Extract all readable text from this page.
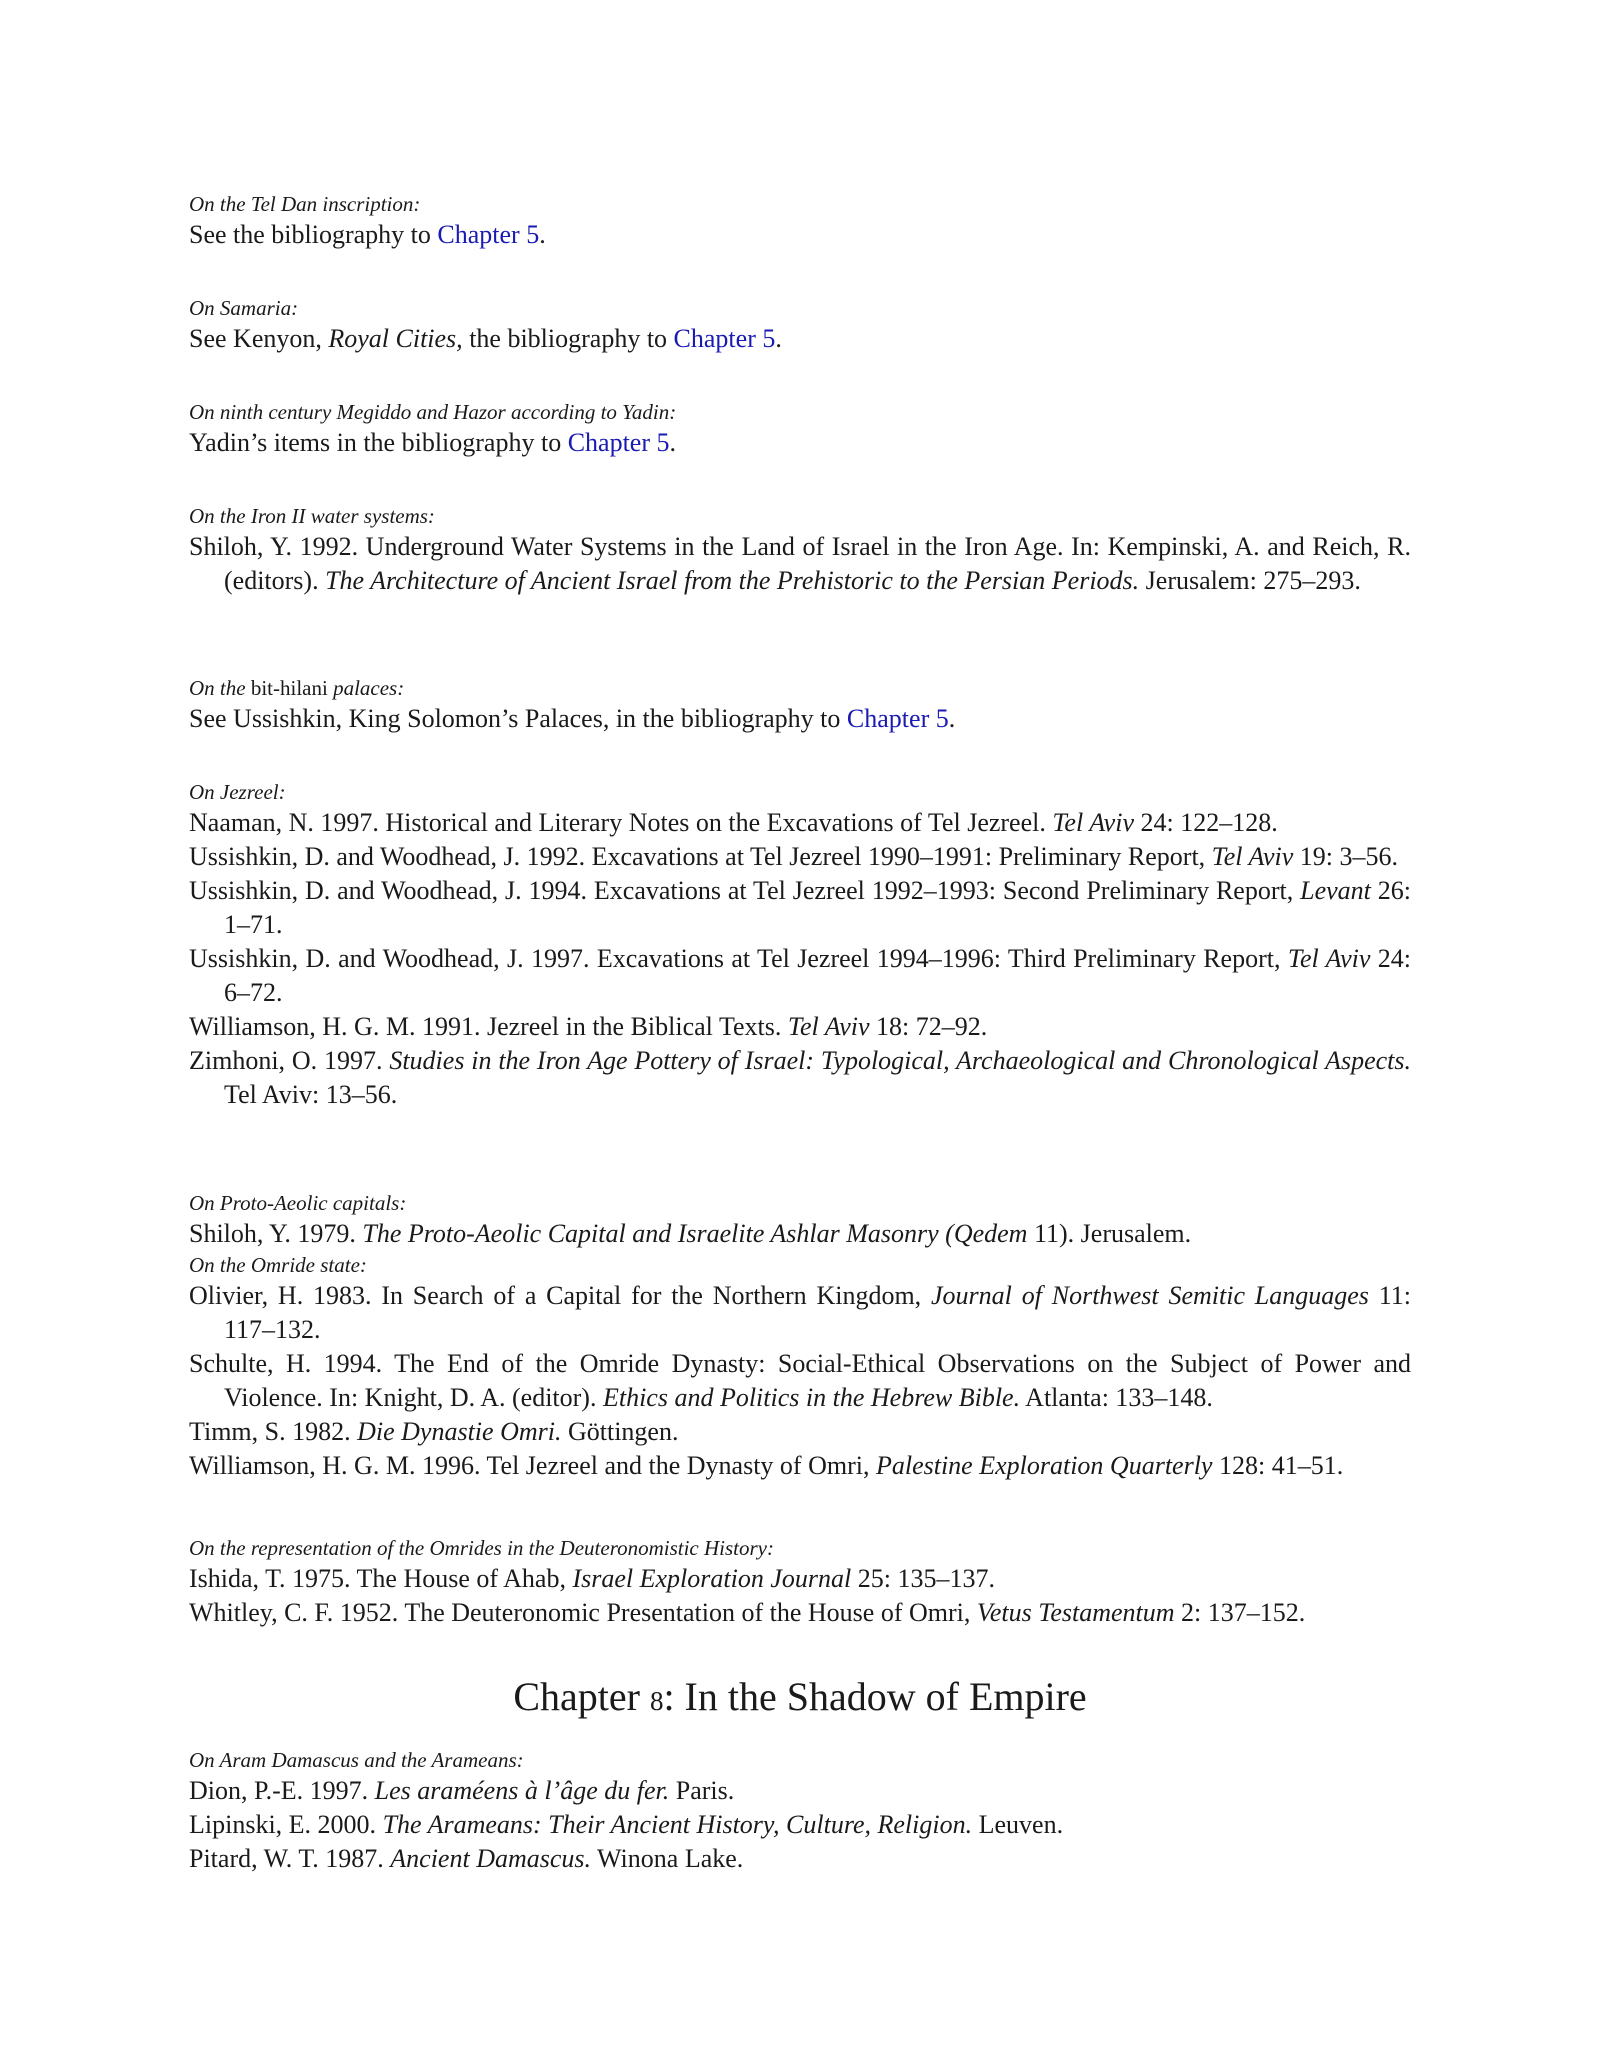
On the Tel Dan inscription:
See the bibliography to Chapter 5.
On Samaria:
See Kenyon, Royal Cities, the bibliography to Chapter 5.
On ninth century Megiddo and Hazor according to Yadin:
Yadin’s items in the bibliography to Chapter 5.
On the Iron II water systems:
Shiloh, Y. 1992. Underground Water Systems in the Land of Israel in the Iron Age. In: Kempinski, A. and Reich, R. (editors). The Architecture of Ancient Israel from the Prehistoric to the Persian Periods. Jerusalem: 275–293.
On the bit-hilani palaces:
See Ussishkin, King Solomon’s Palaces, in the bibliography to Chapter 5.
On Jezreel:
Naaman, N. 1997. Historical and Literary Notes on the Excavations of Tel Jezreel. Tel Aviv 24: 122–128.
Ussishkin, D. and Woodhead, J. 1992. Excavations at Tel Jezreel 1990–1991: Preliminary Report, Tel Aviv 19: 3–56.
Ussishkin, D. and Woodhead, J. 1994. Excavations at Tel Jezreel 1992–1993: Second Preliminary Report, Levant 26: 1–71.
Ussishkin, D. and Woodhead, J. 1997. Excavations at Tel Jezreel 1994–1996: Third Preliminary Report, Tel Aviv 24: 6–72.
Williamson, H. G. M. 1991. Jezreel in the Biblical Texts. Tel Aviv 18: 72–92.
Zimhoni, O. 1997. Studies in the Iron Age Pottery of Israel: Typological, Archaeological and Chronological Aspects. Tel Aviv: 13–56.
On Proto-Aeolic capitals:
Shiloh, Y. 1979. The Proto-Aeolic Capital and Israelite Ashlar Masonry (Qedem 11). Jerusalem.
On the Omride state:
Olivier, H. 1983. In Search of a Capital for the Northern Kingdom, Journal of Northwest Semitic Languages 11: 117–132.
Schulte, H. 1994. The End of the Omride Dynasty: Social-Ethical Observations on the Subject of Power and Violence. In: Knight, D. A. (editor). Ethics and Politics in the Hebrew Bible. Atlanta: 133–148.
Timm, S. 1982. Die Dynastie Omri. Göttingen.
Williamson, H. G. M. 1996. Tel Jezreel and the Dynasty of Omri, Palestine Exploration Quarterly 128: 41–51.
On the representation of the Omrides in the Deuteronomistic History:
Ishida, T. 1975. The House of Ahab, Israel Exploration Journal 25: 135–137.
Whitley, C. F. 1952. The Deuteronomic Presentation of the House of Omri, Vetus Testamentum 2: 137–152.
Chapter 8: In the Shadow of Empire
On Aram Damascus and the Arameans:
Dion, P.-E. 1997. Les araméens à l’âge du fer. Paris.
Lipinski, E. 2000. The Arameans: Their Ancient History, Culture, Religion. Leuven.
Pitard, W. T. 1987. Ancient Damascus. Winona Lake.
